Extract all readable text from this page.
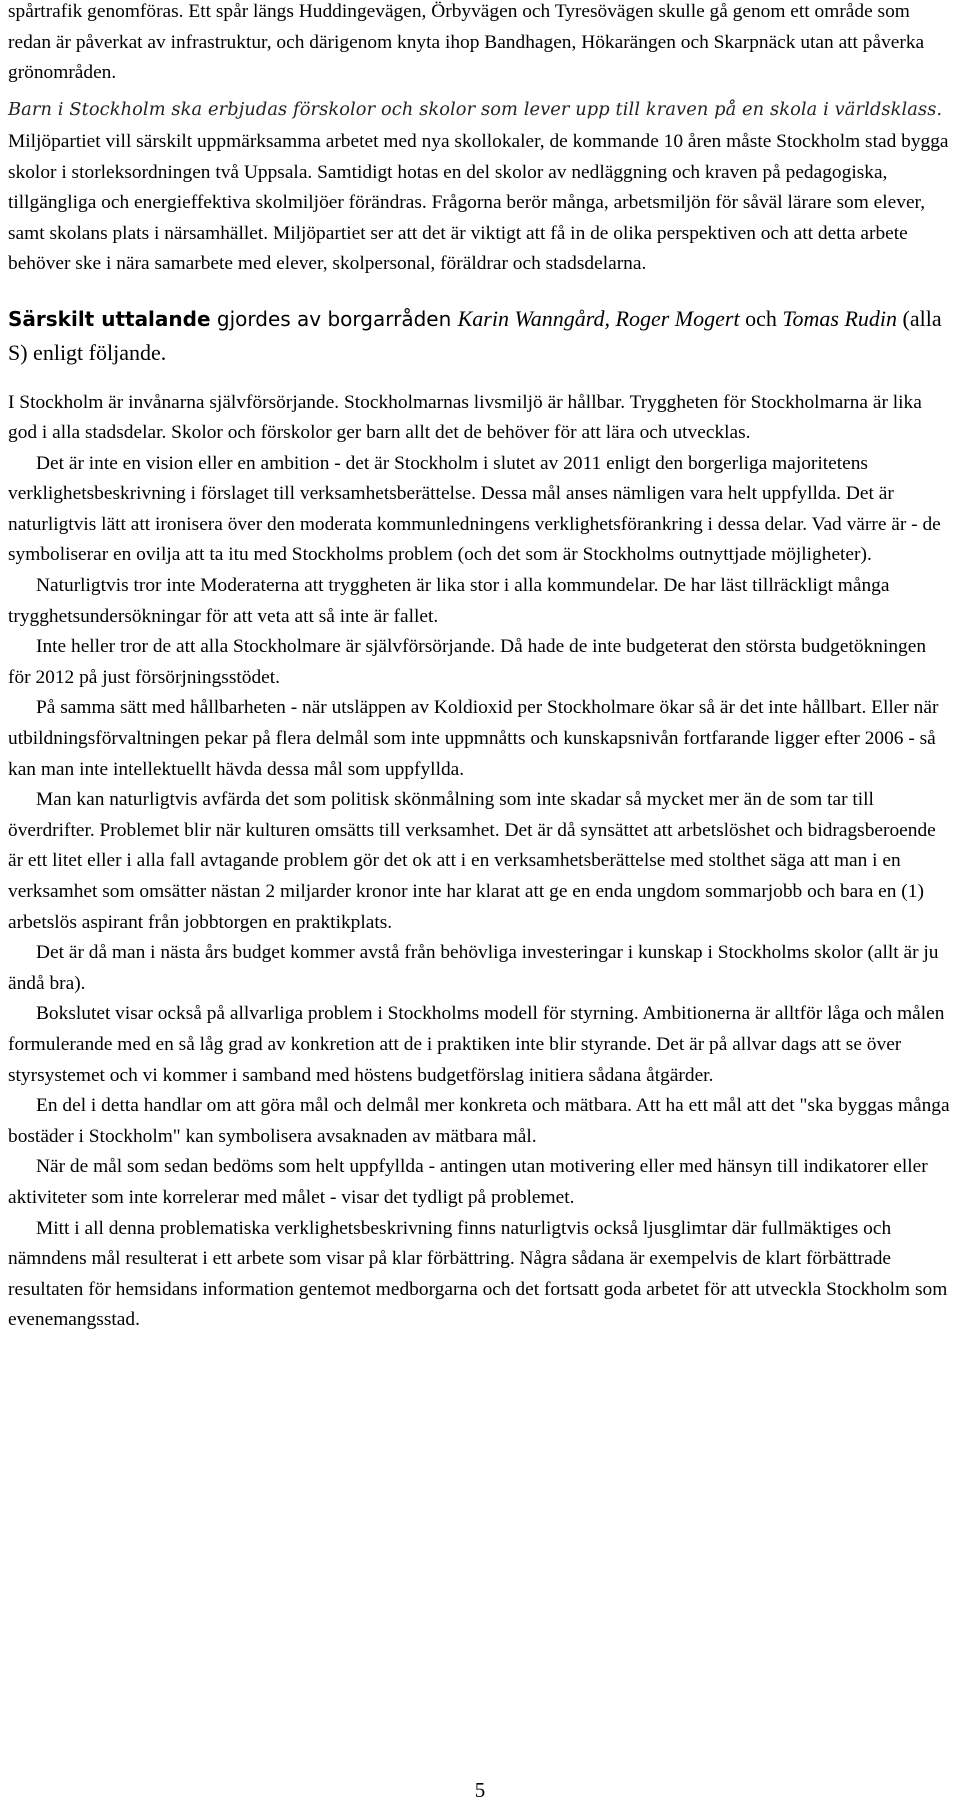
spårtrafik genomföras. Ett spår längs Huddingevägen, Örbyvägen och Tyresövägen skulle gå genom ett område som redan är påverkat av infrastruktur, och därigenom knyta ihop Bandhagen, Hökarängen och Skarpnäck utan att påverka grönområden.

Barn i Stockholm ska erbjudas förskolor och skolor som lever upp till kraven på en skola i världsklass.

Miljöpartiet vill särskilt uppmärksamma arbetet med nya skollokaler, de kommande 10 åren måste Stockholm stad bygga skolor i storleksordningen två Uppsala. Samtidigt hotas en del skolor av nedläggning och kraven på pedagogiska, tillgängliga och energieffektiva skolmiljöer förändras. Frågorna berör många, arbetsmiljön för såväl lärare som elever, samt skolans plats i närsamhället. Miljöpartiet ser att det är viktigt att få in de olika perspektiven och att detta arbete behöver ske i nära samarbete med elever, skolpersonal, föräldrar och stadsdelarna.

Särskilt uttalande gjordes av borgarråden Karin Wanngård, Roger Mogert och Tomas Rudin (alla S) enligt följande.

I Stockholm är invånarna självförsörjande. Stockholmarnas livsmiljö är hållbar. Tryggheten för Stockholmarna är lika god i alla stadsdelar. Skolor och förskolor ger barn allt det de behöver för att lära och utvecklas.

Det är inte en vision eller en ambition - det är Stockholm i slutet av 2011 enligt den borgerliga majoritetens verklighetsbeskrivning i förslaget till verksamhetsberättelse. Dessa mål anses nämligen vara helt uppfyllda. Det är naturligtvis lätt att ironisera över den moderata kommunledningens verklighetsförankring i dessa delar. Vad värre är - de symboliserar en ovilja att ta itu med Stockholms problem (och det som är Stockholms outnyttjade möjligheter).

Naturligtvis tror inte Moderaterna att tryggheten är lika stor i alla kommundelar. De har läst tillräckligt många trygghetsundersökningar för att veta att så inte är fallet.

Inte heller tror de att alla Stockholmare är självförsörjande. Då hade de inte budgeterat den största budgetökningen för 2012 på just försörjningsstödet.

På samma sätt med hållbarheten - när utsläppen av Koldioxid per Stockholmare ökar så är det inte hållbart. Eller när utbildningsförvaltningen pekar på flera delmål som inte uppmnåtts och kunskapsnivån fortfarande ligger efter 2006 - så kan man inte intellektuellt hävda dessa mål som uppfyllda.

Man kan naturligtvis avfärda det som politisk skönmålning som inte skadar så mycket mer än de som tar till överdrifter. Problemet blir när kulturen omsätts till verksamhet. Det är då synsättet att arbetslöshet och bidragsberoende är ett litet eller i alla fall avtagande problem gör det ok att i en verksamhetsberättelse med stolthet säga att man i en verksamhet som omsätter nästan 2 miljarder kronor inte har klarat att ge en enda ungdom sommarjobb och bara en (1) arbetslös aspirant från jobbtorgen en praktikplats.

Det är då man i nästa års budget kommer avstå från behövliga investeringar i kunskap i Stockholms skolor (allt är ju ändå bra).

Bokslutet visar också på allvarliga problem i Stockholms modell för styrning. Ambitionerna är alltför låga och målen formulerande med en så låg grad av konkretion att de i praktiken inte blir styrande. Det är på allvar dags att se över styrsystemet och vi kommer i samband med höstens budgetförslag initiera sådana åtgärder.

En del i detta handlar om att göra mål och delmål mer konkreta och mätbara. Att ha ett mål att det "ska byggas många bostäder i Stockholm" kan symbolisera avsaknaden av mätbara mål.

När de mål som sedan bedöms som helt uppfyllda - antingen utan motivering eller med hänsyn till indikatorer eller aktiviteter som inte korrelerar med målet - visar det tydligt på problemet.

Mitt i all denna problematiska verklighetsbeskrivning finns naturligtvis också ljusglimtar där fullmäktiges och nämndens mål resulterat i ett arbete som visar på klar förbättring. Några sådana är exempelvis de klart förbättrade resultaten för hemsidans information gentemot medborgarna och det fortsatt goda arbetet för att utveckla Stockholm som evenemangsstad.

5
